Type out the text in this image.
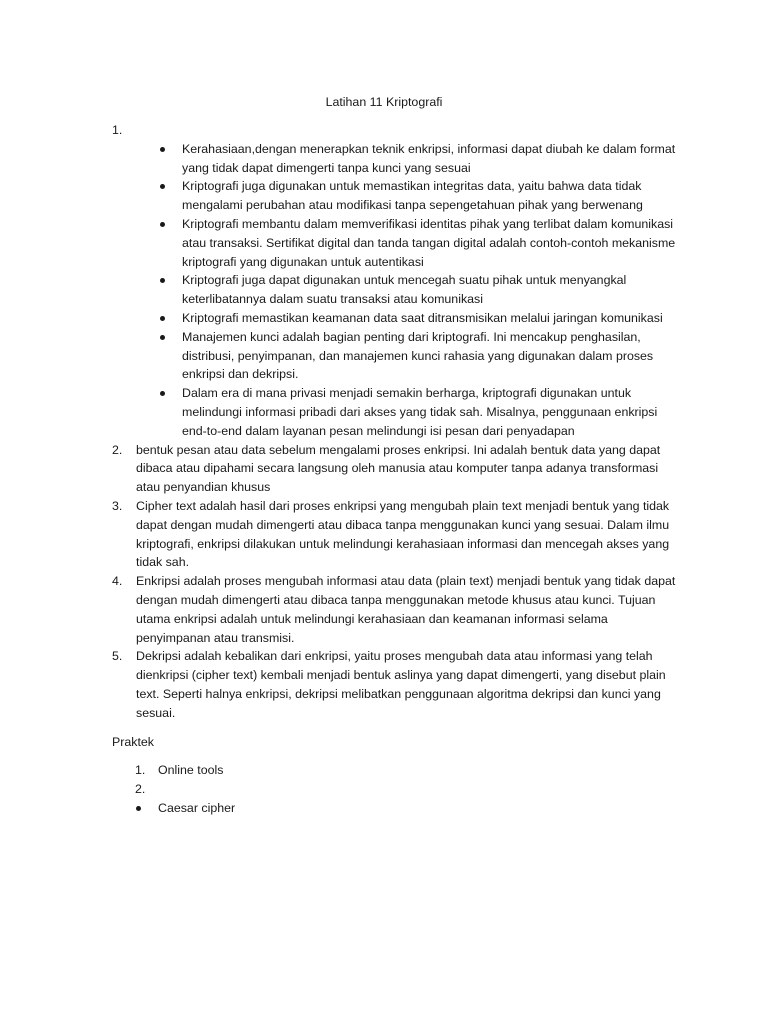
Latihan 11 Kriptografi
1.
Kerahasiaan,dengan menerapkan teknik enkripsi, informasi dapat diubah ke dalam format yang tidak dapat dimengerti tanpa kunci yang sesuai
Kriptografi juga digunakan untuk memastikan integritas data, yaitu bahwa data tidak mengalami perubahan atau modifikasi tanpa sepengetahuan pihak yang berwenang
Kriptografi membantu dalam memverifikasi identitas pihak yang terlibat dalam komunikasi atau transaksi. Sertifikat digital dan tanda tangan digital adalah contoh-contoh mekanisme kriptografi yang digunakan untuk autentikasi
Kriptografi juga dapat digunakan untuk mencegah suatu pihak untuk menyangkal keterlibatannya dalam suatu transaksi atau komunikasi
Kriptografi memastikan keamanan data saat ditransmisikan melalui jaringan komunikasi
Manajemen kunci adalah bagian penting dari kriptografi. Ini mencakup penghasilan, distribusi, penyimpanan, dan manajemen kunci rahasia yang digunakan dalam proses enkripsi dan dekripsi.
Dalam era di mana privasi menjadi semakin berharga, kriptografi digunakan untuk melindungi informasi pribadi dari akses yang tidak sah. Misalnya, penggunaan enkripsi end-to-end dalam layanan pesan melindungi isi pesan dari penyadapan
2. bentuk pesan atau data sebelum mengalami proses enkripsi. Ini adalah bentuk data yang dapat dibaca atau dipahami secara langsung oleh manusia atau komputer tanpa adanya transformasi atau penyandian khusus
3. Cipher text adalah hasil dari proses enkripsi yang mengubah plain text menjadi bentuk yang tidak dapat dengan mudah dimengerti atau dibaca tanpa menggunakan kunci yang sesuai. Dalam ilmu kriptografi, enkripsi dilakukan untuk melindungi kerahasiaan informasi dan mencegah akses yang tidak sah.
4. Enkripsi adalah proses mengubah informasi atau data (plain text) menjadi bentuk yang tidak dapat dengan mudah dimengerti atau dibaca tanpa menggunakan metode khusus atau kunci. Tujuan utama enkripsi adalah untuk melindungi kerahasiaan dan keamanan informasi selama penyimpanan atau transmisi.
5. Dekripsi adalah kebalikan dari enkripsi, yaitu proses mengubah data atau informasi yang telah dienkripsi (cipher text) kembali menjadi bentuk aslinya yang dapat dimengerti, yang disebut plain text. Seperti halnya enkripsi, dekripsi melibatkan penggunaan algoritma dekripsi dan kunci yang sesuai.
Praktek
1. Online tools
2.
Caesar cipher
